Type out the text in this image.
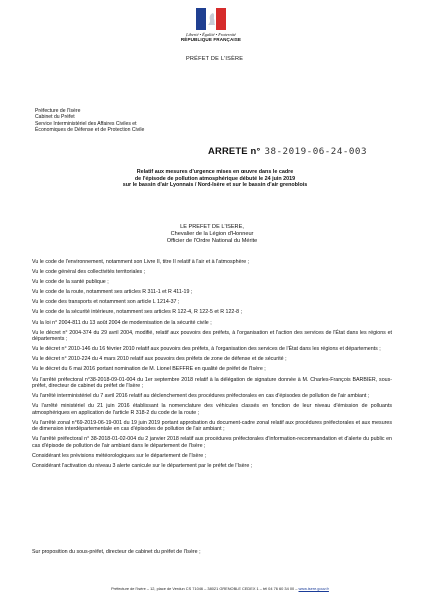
Liberté • Égalité • Fraternité
RÉPUBLIQUE FRANÇAISE
PRÉFET DE L'ISÈRE
Préfecture de l'Isère
Cabinet du Préfet
Service Interministériel des Affaires Civiles et
Économiques de Défense et de Protection Civile
ARRETE n° 38-2019-06-24-003
Relatif aux mesures d'urgence mises en œuvre dans le cadre
de l'épisode de pollution atmosphérique débuté le 24 juin 2019
sur le bassin d'air Lyonnais / Nord-Isère et sur le bassin d'air grenoblois
LE PREFET DE L'ISERE,
Chevalier de la Légion d'Honneur
Officier de l'Ordre National du Mérite

Vu le code de l'environnement, notamment son Livre II, titre II relatif à l'air et à l'atmosphère ;

Vu le code général des collectivités territoriales ;

Vu le code de la santé publique ;

Vu le code de la route, notamment ses articles R 311-1 et R 411-19 ;

Vu le code des transports et notamment son article L 1214-37 ;

Vu le code de la sécurité intérieure, notamment ses articles R 122-4, R 122-5 et R 122-8 ;

Vu la loi n° 2004-811 du 13 août 2004 de modernisation de la sécurité civile ;

Vu le décret n° 2004-374 du 29 avril 2004, modifié, relatif aux pouvoirs des préfets, à l'organisation et l'action des services de l'État dans les régions et départements ;

Vu le décret n° 2010-146 du 16 février 2010 relatif aux pouvoirs des préfets, à l'organisation des services de l'État dans les régions et départements ;

Vu le décret n° 2010-224 du 4 mars 2010 relatif aux pouvoirs des préfets de zone de défense et de sécurité ;

Vu le décret du 6 mai 2016 portant nomination de M. Lionel BEFFRE en qualité de préfet de l'Isère ;

Vu l'arrêté préfectoral n°38-2018-09-01-004 du 1er septembre 2018 relatif à la délégation de signature donnée à M. Charles-François BARBIER, sous-préfet, directeur de cabinet du préfet de l'Isère ;

Vu l'arrêté interministériel du 7 avril 2016 relatif au déclenchement des procédures préfectorales en cas d'épisodes de pollution de l'air ambiant ;

Vu l'arrêté ministériel du 21 juin 2016 établissant la nomenclature des véhicules classés en fonction de leur niveau d'émission de polluants atmosphériques en application de l'article R 318-2 du code de la route ;

Vu l'arrêté zonal n°69-2019-06-19-001 du 19 juin 2019 portant approbation du document-cadre zonal relatif aux procédures préfectorales et aux mesures de dimension interdépartementale en cas d'épisodes de pollution de l'air ambiant ;

Vu l'arrêté préfectoral n° 38-2018-01-02-004 du 2 janvier 2018 relatif aux procédures préfectorales d'information-recommandation et d'alerte du public en cas d'épisode de pollution de l'air ambiant dans le département de l'Isère ;

Considérant les prévisions météorologiques sur le département de l'Isère ;

Considérant l'activation du niveau 3 alerte canicule sur le département par le préfet de l'Isère ;

Sur proposition du sous-préfet, directeur de cabinet du préfet de l'Isère ;
Préfecture de l'Isère – 12, place de Verdun CS 71046 – 38021 GRENOBLE CEDEX 1 – tél 04 76 60 34 00 – www.isere.gouv.fr
